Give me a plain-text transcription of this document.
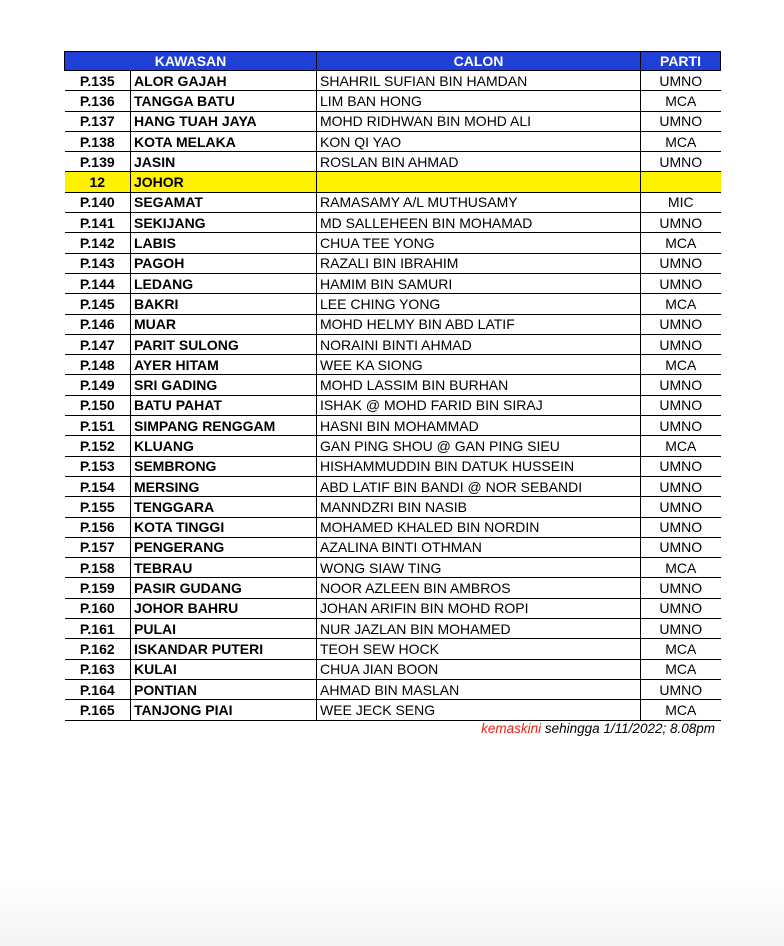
KAWASAN		CALON	PARTI
P.135	ALOR GAJAH	SHAHRIL SUFIAN BIN HAMDAN	UMNO
P.136	TANGGA BATU	LIM BAN HONG	MCA
P.137	HANG TUAH JAYA	MOHD RIDHWAN BIN MOHD ALI	UMNO
P.138	KOTA MELAKA	KON QI YAO	MCA
P.139	JASIN	ROSLAN BIN AHMAD	UMNO
12	JOHOR		
P.140	SEGAMAT	RAMASAMY A/L MUTHUSAMY	MIC
P.141	SEKIJANG	MD SALLEHEEN BIN MOHAMAD	UMNO
P.142	LABIS	CHUA TEE YONG	MCA
P.143	PAGOH	RAZALI BIN IBRAHIM	UMNO
P.144	LEDANG	HAMIM BIN SAMURI	UMNO
P.145	BAKRI	LEE CHING YONG	MCA
P.146	MUAR	MOHD HELMY BIN ABD LATIF	UMNO
P.147	PARIT SULONG	NORAINI BINTI AHMAD	UMNO
P.148	AYER HITAM	WEE KA SIONG	MCA
P.149	SRI GADING	MOHD LASSIM BIN BURHAN	UMNO
P.150	BATU PAHAT	ISHAK @ MOHD FARID BIN SIRAJ	UMNO
P.151	SIMPANG RENGGAM	HASNI BIN MOHAMMAD	UMNO
P.152	KLUANG	GAN PING SHOU @ GAN PING SIEU	MCA
P.153	SEMBRONG	HISHAMMUDDIN BIN DATUK HUSSEIN	UMNO
P.154	MERSING	ABD LATIF BIN BANDI @ NOR SEBANDI	UMNO
P.155	TENGGARA	MANNDZRI BIN NASIB	UMNO
P.156	KOTA TINGGI	MOHAMED KHALED BIN NORDIN	UMNO
P.157	PENGERANG	AZALINA BINTI OTHMAN	UMNO
P.158	TEBRAU	WONG SIAW TING	MCA
P.159	PASIR GUDANG	NOOR AZLEEN BIN AMBROS	UMNO
P.160	JOHOR BAHRU	JOHAN ARIFIN BIN MOHD ROPI	UMNO
P.161	PULAI	NUR JAZLAN BIN MOHAMED	UMNO
P.162	ISKANDAR PUTERI	TEOH SEW HOCK	MCA
P.163	KULAI	CHUA JIAN BOON	MCA
P.164	PONTIAN	AHMAD BIN MASLAN	UMNO
P.165	TANJONG PIAI	WEE JECK SENG	MCA
kemaskini sehingga 1/11/2022; 8.08pm
